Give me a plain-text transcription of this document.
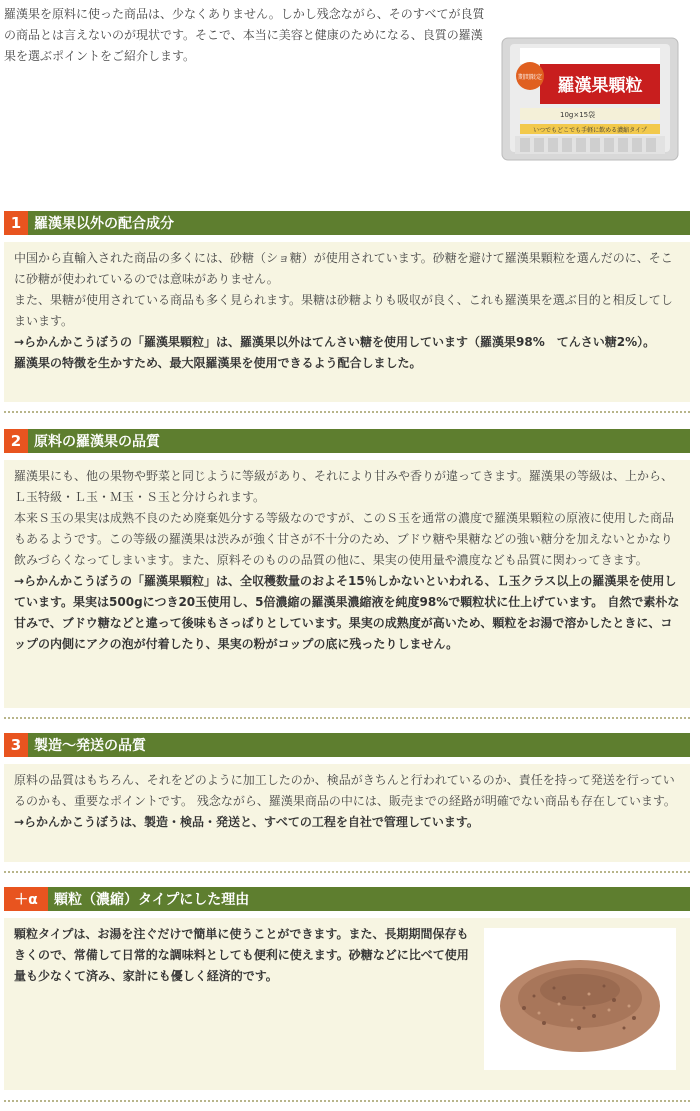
羅漢果を原料に使った商品は、少なくありません。しかし残念ながら、そのすべてが良質の商品とは言えないのが現状です。そこで、本当に美容と健康のためになる、良質の羅漢果を選ぶポイントをご紹介します。
羅漢果顆粒
期間限定
10g×15袋
いつでもどこでも手軽に飲める濃縮タイプ
1 羅漢果以外の配合成分

中国から直輸入された商品の多くには、砂糖（ショ糖）が使用されています。砂糖を避けて羅漢果顆粒を選んだのに、そこに砂糖が使われているのでは意味がありません。

また、果糖が使用されている商品も多く見られます。果糖は砂糖よりも吸収が良く、これも羅漢果を選ぶ目的と相反してしまいます。

→らかんかこうぼうの「羅漢果顆粒」は、羅漢果以外はてんさい糖を使用しています（羅漢果98%　てんさい糖2%）。

羅漢果の特徴を生かすため、最大限羅漢果を使用できるよう配合しました。

2 原料の羅漢果の品質

羅漢果にも、他の果物や野菜と同じように等級があり、それにより甘みや香りが違ってきます。羅漢果の等級は、上から、Ｌ玉特級・Ｌ玉・Ｍ玉・Ｓ玉と分けられます。

本来Ｓ玉の果実は成熟不良のため廃棄処分する等級なのですが、このＳ玉を通常の濃度で羅漢果顆粒の原液に使用した商品もあるようです。この等級の羅漢果は渋みが強く甘さが不十分のため、ブドウ糖や果糖などの強い糖分を加えないとかなり飲みづらくなってしまいます。また、原料そのものの品質の他に、果実の使用量や濃度なども品質に関わってきます。

→らかんかこうぼうの「羅漢果顆粒」は、全収穫数量のおよそ15％しかないといわれる、Ｌ玉クラス以上の羅漢果を使用しています。果実は500gにつき20玉使用し、5倍濃縮の羅漢果濃縮液を純度98%で顆粒状に仕上げています。 自然で素朴な甘みで、ブドウ糖などと違って後味もさっぱりとしています。果実の成熟度が高いため、顆粒をお湯で溶かしたときに、コップの内側にアクの泡が付着したり、果実の粉がコップの底に残ったりしません。

3 製造〜発送の品質

原料の品質はもちろん、それをどのように加工したのか、検品がきちんと行われているのか、責任を持って発送を行っているのかも、重要なポイントです。 残念ながら、羅漢果商品の中には、販売までの経路が明確でない商品も存在しています。

→らかんかこうぼうは、製造・検品・発送と、すべての工程を自社で管理しています。

＋α	顆粒（濃縮）タイプにした理由

顆粒タイプは、お湯を注ぐだけで簡単に使うことができます。また、長期期間保存もきくので、常備して日常的な調味料としても便利に使えます。砂糖などに比べて使用量も少なくて済み、家計にも優しく経済的です。
